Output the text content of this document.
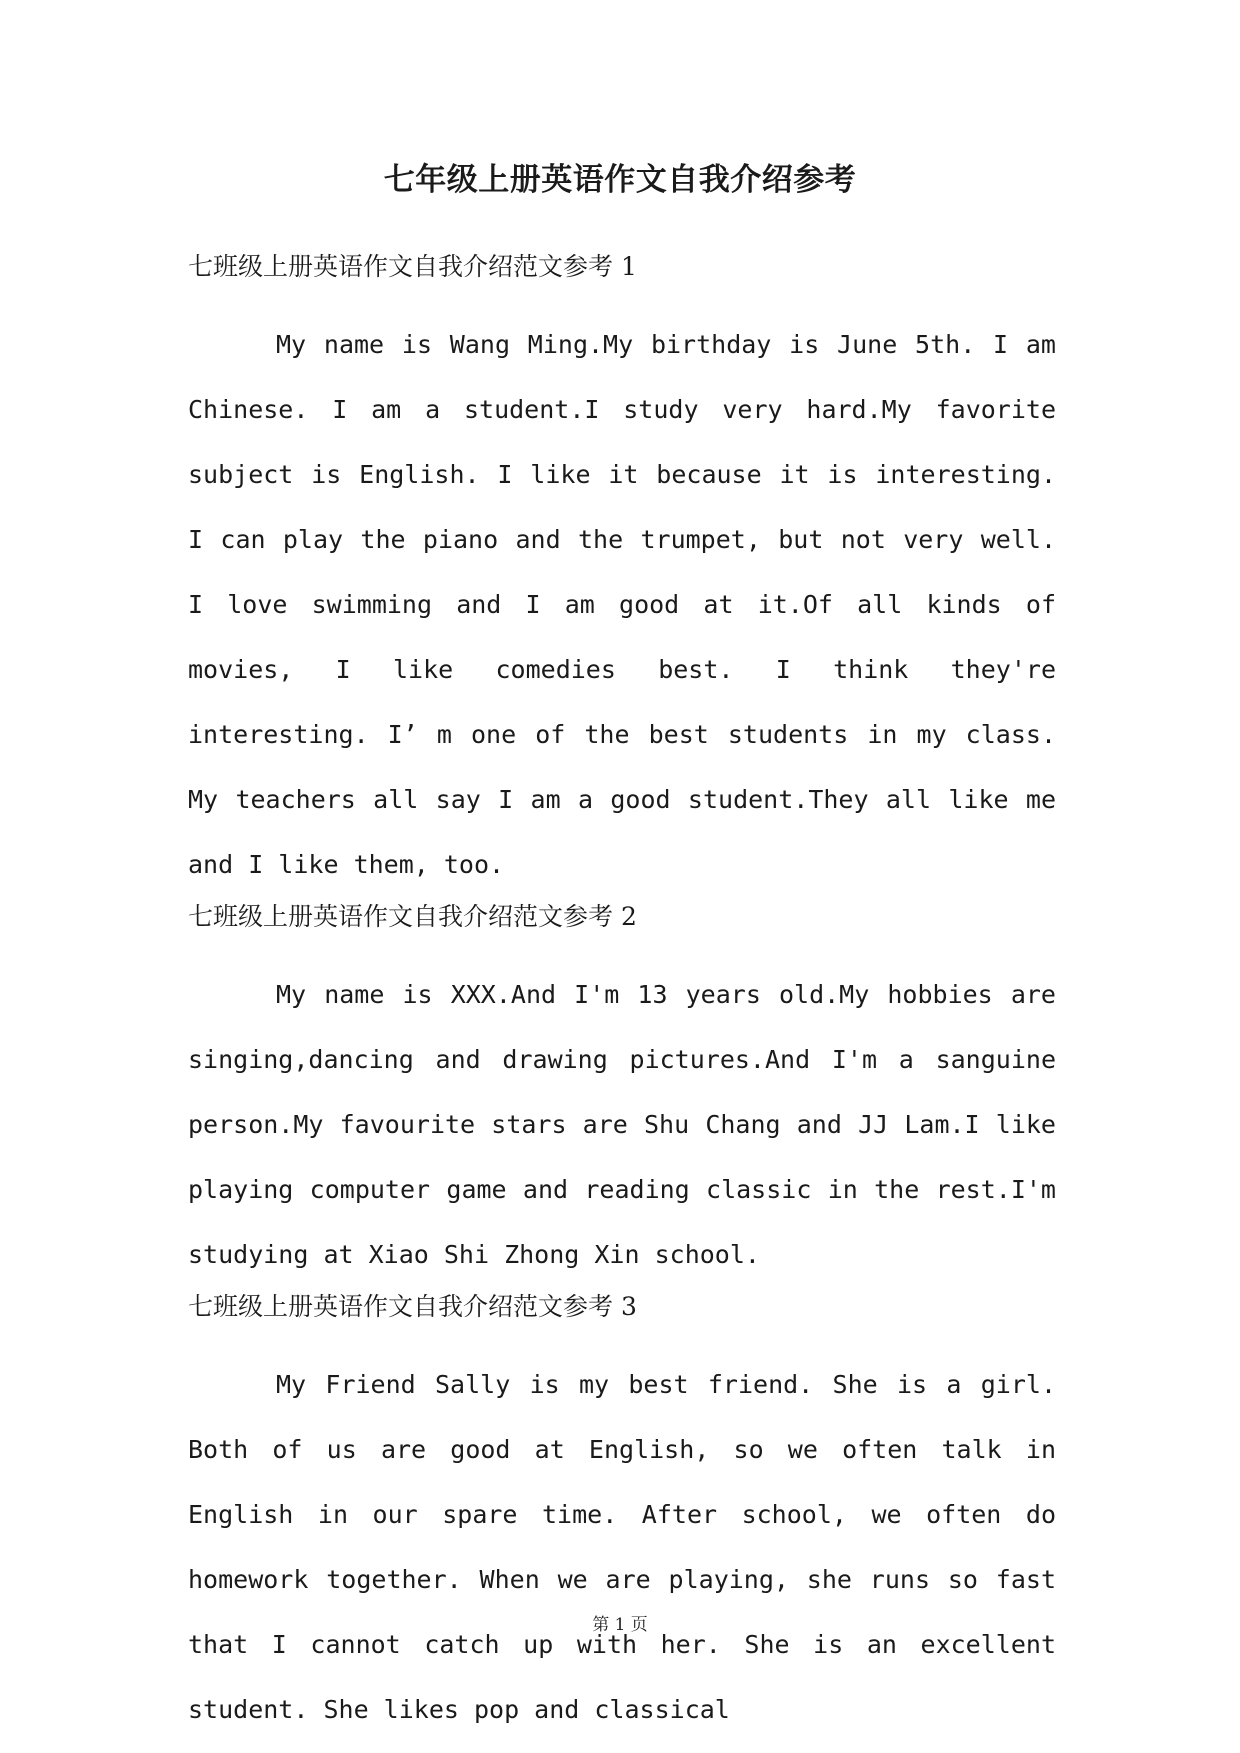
七年级上册英语作文自我介绍参考
七班级上册英语作文自我介绍范文参考 1

My name is Wang Ming.My birthday is June 5th. I am Chinese. I am a student.I study very hard.My favorite subject is English. I like it because it is interesting. I can play the piano and the trumpet, but not very well. I love swimming and I am good at it.Of all kinds of movies, I like comedies best. I think they're interesting. I’ m one of the best students in my class. My teachers all say I am a good student.They all like me and I like them, too.

七班级上册英语作文自我介绍范文参考 2

My name is XXX.And I'm 13 years old.My hobbies are singing,dancing and drawing pictures.And I'm a sanguine person.My favourite stars are Shu Chang and JJ Lam.I like playing computer game and reading classic in the rest.I'm studying at Xiao Shi Zhong Xin school.

七班级上册英语作文自我介绍范文参考 3

My Friend Sally is my best friend. She is a girl. Both of us are good at English, so we often talk in English in our spare time. After school, we often do homework together. When we are playing, she runs so fast that I cannot catch up with her. She is an excellent student. She likes pop and classical

第 1 页
